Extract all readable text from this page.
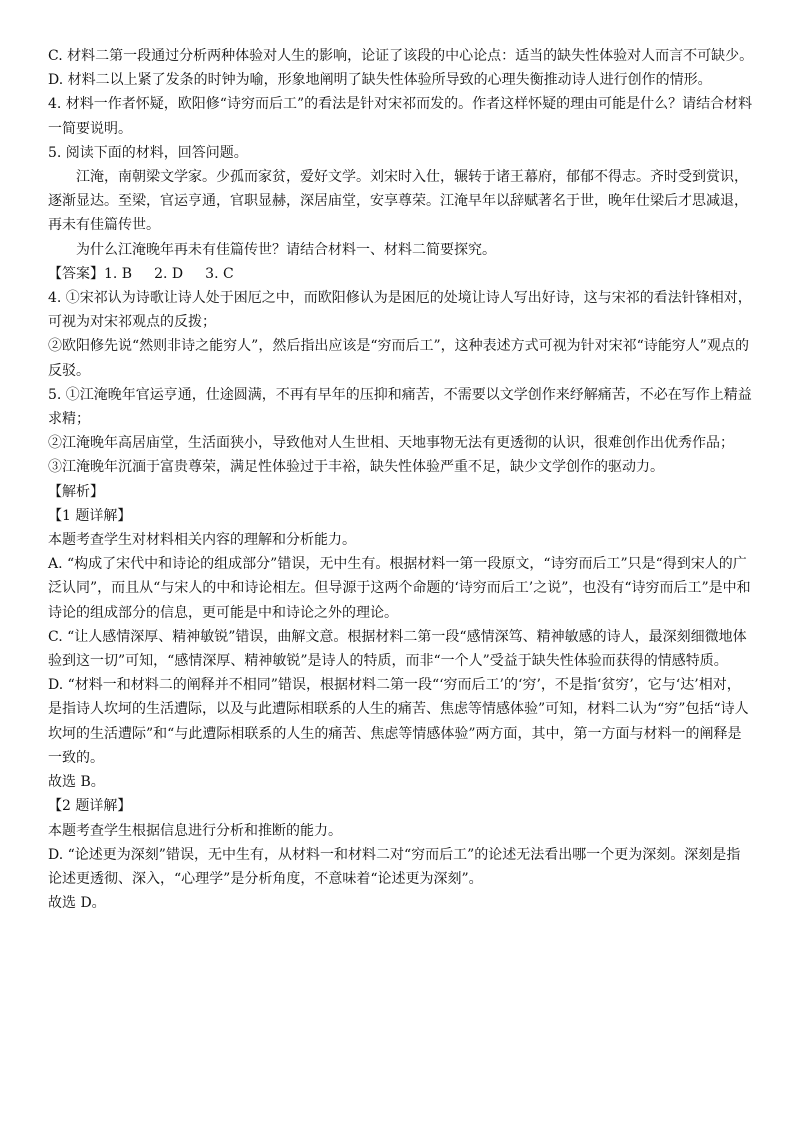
C. 材料二第一段通过分析两种体验对人生的影响，论证了该段的中心论点：适当的缺失性体验对人而言不可缺少。

D. 材料二以上紧了发条的时钟为喻，形象地阐明了缺失性体验所导致的心理失衡推动诗人进行创作的情形。

4. 材料一作者怀疑，欧阳修“诗穷而后工”的看法是针对宋祁而发的。作者这样怀疑的理由可能是什么？请结合材料一简要说明。

5. 阅读下面的材料，回答问题。

江淹，南朝梁文学家。少孤而家贫，爱好文学。刘宋时入仕，辗转于诸王幕府，郁郁不得志。齐时受到赏识，逐渐显达。至梁，官运亨通，官职显赫，深居庙堂，安享尊荣。江淹早年以辞赋著名于世，晚年仕梁后才思减退，再未有佳篇传世。

为什么江淹晚年再未有佳篇传世？请结合材料一、材料二简要探究。

【答案】1. B 2. D 3. C

4. ①宋祁认为诗歌让诗人处于困厄之中，而欧阳修认为是困厄的处境让诗人写出好诗，这与宋祁的看法针锋相对，可视为对宋祁观点的反拨；

②欧阳修先说“然则非诗之能穷人”，然后指出应该是“穷而后工”，这种表述方式可视为针对宋祁“诗能穷人”观点的反驳。

5. ①江淹晚年官运亨通，仕途圆满，不再有早年的压抑和痛苦，不需要以文学创作来纾解痛苦，不必在写作上精益求精；

②江淹晚年高居庙堂，生活面狭小，导致他对人生世相、天地事物无法有更透彻的认识，很难创作出优秀作品；

③江淹晚年沉湎于富贵尊荣，满足性体验过于丰裕，缺失性体验严重不足，缺少文学创作的驱动力。

【解析】

【1 题详解】

本题考查学生对材料相关内容的理解和分析能力。

A. “构成了宋代中和诗论的组成部分”错误，无中生有。根据材料一第一段原文，“诗穷而后工”只是“得到宋人的广泛认同”，而且从“与宋人的中和诗论相左。但导源于这两个命题的‘诗穷而后工’之说”，也没有“诗穷而后工”是中和诗论的组成部分的信息，更可能是中和诗论之外的理论。

C. “让人感情深厚、精神敏锐”错误，曲解文意。根据材料二第一段“感情深笃、精神敏感的诗人，最深刻细微地体验到这一切”可知，“感情深厚、精神敏锐”是诗人的特质，而非“一个人”受益于缺失性体验而获得的情感特质。

D. “材料一和材料二的阐释并不相同”错误，根据材料二第一段“‘穷而后工’的‘穷’，不是指‘贫穷’，它与‘达’相对，是指诗人坎坷的生活遭际，以及与此遭际相联系的人生的痛苦、焦虑等情感体验”可知，材料二认为“穷”包括“诗人坎坷的生活遭际”和“与此遭际相联系的人生的痛苦、焦虑等情感体验”两方面，其中，第一方面与材料一的阐释是一致的。

故选 B。

【2 题详解】

本题考查学生根据信息进行分析和推断的能力。

D. “论述更为深刻”错误，无中生有，从材料一和材料二对“穷而后工”的论述无法看出哪一个更为深刻。深刻是指论述更透彻、深入，“心理学”是分析角度，不意味着“论述更为深刻”。

故选 D。
